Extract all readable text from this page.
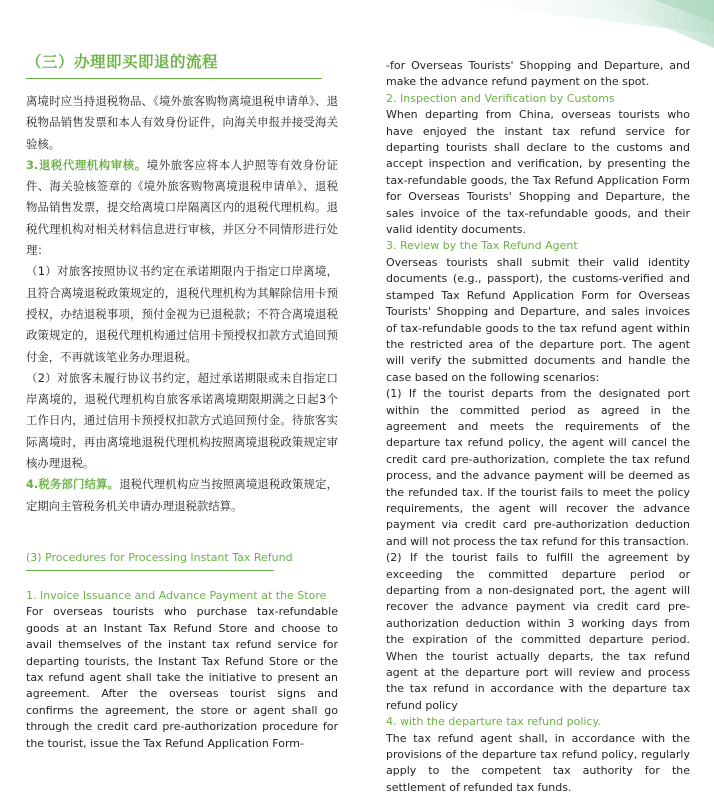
（三）办理即买即退的流程

离境时应当持退税物品、《境外旅客购物离境退税申请单》、退税物品销售发票和本人有效身份证件，向海关申报并接受海关验核。

3.退税代理机构审核。境外旅客应将本人护照等有效身份证件、海关验核签章的《境外旅客购物离境退税申请单》、退税物品销售发票，提交给离境口岸隔离区内的退税代理机构。退税代理机构对相关材料信息进行审核，并区分不同情形进行处理：

（1）对旅客按照协议书约定在承诺期限内于指定口岸离境，且符合离境退税政策规定的，退税代理机构为其解除信用卡预授权，办结退税事项，预付金视为已退税款；不符合离境退税政策规定的，退税代理机构通过信用卡预授权扣款方式追回预付金，不再就该笔业务办理退税。

（2）对旅客未履行协议书约定，超过承诺期限或未自指定口岸离境的，退税代理机构自旅客承诺离境期限期满之日起3个工作日内，通过信用卡预授权扣款方式追回预付金。待旅客实际离境时，再由离境地退税代理机构按照离境退税政策规定审核办理退税。

4.税务部门结算。退税代理机构应当按照离境退税政策规定，定期向主管税务机关申请办理退税款结算。

(3) Procedures for Processing Instant Tax Refund

1. Invoice Issuance and Advance Payment at the Store

For overseas tourists who purchase tax-refundable goods at an Instant Tax Refund Store and choose to avail themselves of the instant tax refund service for departing tourists, the Instant Tax Refund Store or the tax refund agent shall take the initiative to present an agreement. After the overseas tourist signs and confirms the agreement, the store or agent shall go through the credit card pre-authorization procedure for the tourist, issue the Tax Refund Application Form-

-for Overseas Tourists' Shopping and Departure, and make the advance refund payment on the spot.

2. Inspection and Verification by Customs

When departing from China, overseas tourists who have enjoyed the instant tax refund service for departing tourists shall declare to the customs and accept inspection and verification, by presenting the tax-refundable goods, the Tax Refund Application Form for Overseas Tourists' Shopping and Departure, the sales invoice of the tax-refundable goods, and their valid identity documents.

3. Review by the Tax Refund Agent

Overseas tourists shall submit their valid identity documents (e.g., passport), the customs-verified and stamped Tax Refund Application Form for Overseas Tourists' Shopping and Departure, and sales invoices of tax-refundable goods to the tax refund agent within the restricted area of the departure port. The agent will verify the submitted documents and handle the case based on the following scenarios:

(1) If the tourist departs from the designated port within the committed period as agreed in the agreement and meets the requirements of the departure tax refund policy, the agent will cancel the credit card pre-authorization, complete the tax refund process, and the advance payment will be deemed as the refunded tax. If the tourist fails to meet the policy requirements, the agent will recover the advance payment via credit card pre-authorization deduction and will not process the tax refund for this transaction.

(2) If the tourist fails to fulfill the agreement by exceeding the committed departure period or departing from a non-designated port, the agent will recover the advance payment via credit card pre-authorization deduction within 3 working days from the expiration of the committed departure period. When the tourist actually departs, the tax refund agent at the departure port will review and process the tax refund in accordance with the departure tax refund policy

4. with the departure tax refund policy.

The tax refund agent shall, in accordance with the provisions of the departure tax refund policy, regularly apply to the competent tax authority for the settlement of refunded tax funds.
